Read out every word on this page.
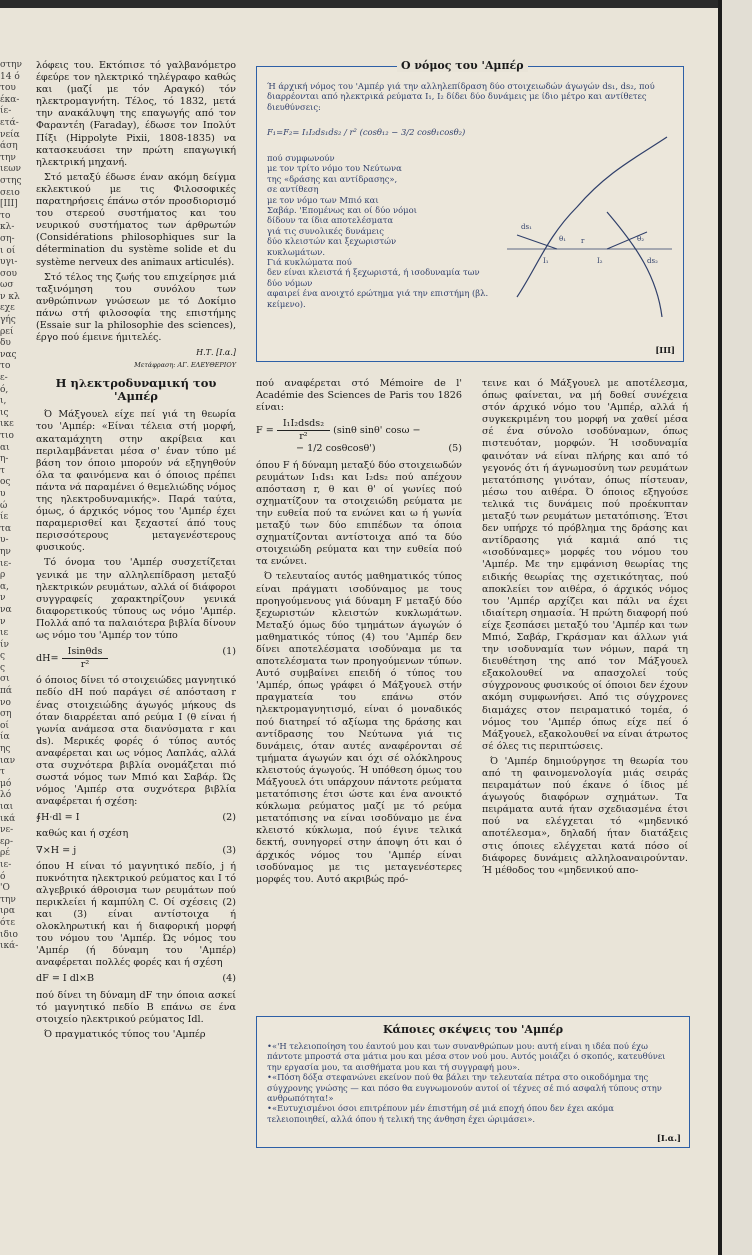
στην
14 ό
του
έκα-
ίε-
ετά-
νεία
άση
την
ιεων
στης
σειο
[III]
το
κλ-
ση-
ι οί
υγι-
σου
ωσ
ν κλ
εχε
γής
ρεί
δυ
νας
το
ε-
ό,
ι,
ις
ικε
τιο
αι
η-
τ
ος
υ
ώ
ίε
τα
υ-
ην
ιε-
ρ
α,
ν
να
ν
ιε
ίν
ς
ς
σι
πά
νο
ση
οί
ία
ης
ιαν
τ
μό
λό
ιαι
ικά
νε-
ερ-
ρέ
ιε-
ό
'Ο
την
ιρα
ότε
ιδιο
ικά-

λόφεις του. Εκτόπισε τό γαλβανόμετρο έφεύρε τον ηλεκτρικό τηλέγραφο καθώς και (μαζί με τόν Αραγκό) τόν ηλεκτρομαγνήτη. Τέλος, τό 1832, μετά την ανακάλυψη της επαγωγής από τον Φαραντέη (Faraday), έδωσε τον Ιπολύτ Πίξι (Hippolyte Pixii, 1808-1835) να κατασκευάσει την πρώτη επαγωγική ηλεκτρική μηχανή.

Στό μεταξύ έδωσε έναν ακόμη δείγμα εκλεκτικού με τις Φιλοσοφικές παρατηρήσεις έπάνω στόν προσδιορισμό του στερεού συστήματος και του νευρικού συστήματος των άρθρωτών (Considérations philosophiques sur la détermination du système solide et du système nerveux des animaux articulés).

Στό τέλος της ζωής του επιχείρησε μιά ταξινόμηση του συνόλου των ανθρώπινων γνώσεων με τό Δοκίμιο πάνω στή φιλοσοφία της επιστήμης (Essaie sur la philosophie des sciences), έργο πού έμεινε ήμιτελές.

Η.Τ. [Ι.α.]
Μετάφραση: ΑΓ. ΕΛΕΥΘΕΡΙΟΥ
Η ηλεκτροδυναμική του 'Αμπέρ

Ό Μάξγουελ είχε πεί γιά τη θεωρία του 'Αμπέρ: «Είναι τέλεια στή μορφή, ακαταμάχητη στην ακρίβεια και περιλαμβάνεται μέσα σ' έναν τύπο μέ βάση τον όποιο μπορούν νά εξηγηθούν όλα τα φαινόμενα και ό όποιος πρέπει πάντα νά παραμένει ό θεμελιώδης νόμος της ηλεκτροδυναμικής». Παρά ταύτα, όμως, ό άρχικός νόμος του 'Αμπέρ έχει παραμερισθεί και ξεχαστεί άπό τους περισσότερους μεταγενέστερους φυσικούς.

Τό όνομα του 'Αμπέρ συσχετίζεται γενικά με την αλληλεπίδραση μεταξύ ηλεκτρικών ρευμάτων, αλλά οί διάφοροι συγγραφείς χαρακτηρίζουν γενικά διαφορετικούς τύπους ως νόμο 'Αμπέρ. Πολλά από τα παλαιότερα βιβλία δίνουν ως νόμο του 'Αμπέρ τον τύπο

$dH= \frac{\text{Isinθds}}{\text{r²}}$	(1)

ό όποιος δίνει τό στοιχειώδες μαγνητικό πεδίο dH πού παράγει σέ απόσταση r ένας στοιχειώδης άγωγός μήκους ds όταν διαρρέεται από ρεύμα I (θ είναι ή γωνία ανάμεσα στα διανύσματα r και ds). Μερικές φορές ό τύπος αυτός αναφέρεται και ως νόμος Λαπλάς, αλλά στα συχνότερα βιβλία ονομάζεται πιό σωστά νόμος των Μπιό και Σαβάρ. Ώς νόμος 'Αμπέρ στα συχνότερα βιβλία αναφέρεται ή σχέση:

∮H·dl = I	(2)

καθώς και ή σχέση

∇×H = j	(3)

όπου H είναι τό μαγνητικό πεδίο, j ή πυκνότητα ηλεκτρικού ρεύματος και I τό αλγεβρικό άθροισμα των ρευμάτων πού περικλείει ή καμπύλη C. Οί σχέσεις (2) και (3) είναι αντίστοιχα ή ολοκληρωτική και ή διαφορική μορφή του νόμου του 'Αμπέρ. Ώς νόμος του 'Αμπέρ (ή δύναμη του 'Αμπέρ) αναφέρεται πολλές φορές και ή σχέση

dF = I dl×B	(4)

πού δίνει τη δύναμη dF την όποια ασκεί τό μαγνητικό πεδίο B επάνω σε ένα στοιχείο ηλεκτρικού ρεύματος Idl.

Ό πραγματικός τύπος του 'Αμπέρ

Ο νόμος του 'Αμπέρ
Ή άρχική νόμος του 'Αμπέρ γιά την αλληλεπίδραση δύο στοιχειωδών άγωγών ds₁, ds₂, πού διαρρέονται από ηλεκτρικά ρεύματα I₁, I₂ δίδει δύο δυνάμεις με ίδιο μέτρο και αντίθετες διευθύνσεις:
F₁=F₂= I₁I₂ds₁ds₂ / r² (cosθ₁₂ − 3/2 cosθ₁cosθ₂)
πού συμφωνούν
με τον τρίτο νόμο του Νεύτωνα
της «δράσης και αντίδρασης»,
σε αντίθεση
με τον νόμο των Μπιό και
Σαβάρ. 'Επομένως και οί δύο νόμοι
δίδουν τα ίδια αποτελέσματα
γιά τις συνολικές δυνάμεις
δύο κλειστών και ξεχωριστών
κυκλωμάτων.
Γιά κυκλώματα πού
δεν είναι κλειστά ή ξεχωριστά, ή ισοδυναμία των δύο νόμων
αφαιρεί ένα ανοιχτό ερώτημα γιά την επιστήμη (βλ. κείμενο).
ds₁
I₁	I₂	ds₂
r
θ₁	θ₂
[III]

πού αναφέρεται στό Mémoire de l' Académie des Sciences de Paris του 1826 είναι:

$F = \frac{\text{I₁I₂dsds₂}}{\text{r²}} (\sin\theta$ sinθ' cosω −
− 1/2 cosθcosθ')	(5)

όπου F ή δύναμη μεταξύ δύο στοιχειωδών ρευμάτων I₁ds₁ και I₂ds₂ πού απέχουν απόσταση r, θ και θ' οί γωνίες πού σχηματίζουν τα στοιχειώδη ρεύματα με την ευθεία πού τα ενώνει και ω ή γωνία μεταξύ των δύο επιπέδων τα όποια σχηματίζονται αντίστοιχα από τα δύο στοιχειώδη ρεύματα και την ευθεία πού τα ενώνει.

Ό τελευταίος αυτός μαθηματικός τύπος είναι πράγματι ισοδύναμος με τους προηγούμενους γιά δύναμη F μεταξύ δύο ξεχωριστών κλειστών κυκλωμάτων. Μεταξύ όμως δύο τμημάτων άγωγών ό μαθηματικός τύπος (4) του 'Αμπέρ δεν δίνει αποτελέσματα ισοδύναμα με τα αποτελέσματα των προηγούμενων τύπων. Αυτό συμβαίνει επειδή ό τύπος του 'Αμπέρ, όπως γράφει ό Μάξγουελ στήν πραγματεία του επάνω στόν ηλεκτρομαγνητισμό, είναι ό μοναδικός πού διατηρεί τό αξίωμα της δράσης και αντίδρασης του Νεύτωνα γιά τις δυνάμεις, όταν αυτές αναφέρονται σέ τμήματα άγωγών και όχι σέ ολόκληρους κλειστούς άγωγούς. Ή υπόθεση όμως του Μάξγουελ ότι υπάρχουν πάντοτε ρεύματα μετατόπισης έτσι ώστε και ένα ανοικτό κύκλωμα ρεύματος μαζί με τό ρεύμα μετατόπισης να είναι ισοδύναμο με ένα κλειστό κύκλωμα, πού έγινε τελικά δεκτή, συνηγορεί στην άποψη ότι και ό άρχικός νόμος του 'Αμπέρ είναι ισοδύναμος με τις μεταγενέστερες μορφές του. Αυτό ακριβώς πρό-

τεινε και ό Μάξγουελ με αποτέλεσμα, όπως φαίνεται, να μή δοθεί συνέχεια στόν άρχικό νόμο του 'Αμπέρ, αλλά ή συγκεκριμένη του μορφή να χαθεί μέσα σέ ένα σύνολο ισοδύναμων, όπως πιστευόταν, μορφών. Ή ισοδυναμία φαινόταν νά είναι πλήρης και από τό γεγονός ότι ή άγνωμοσύνη των ρευμάτων μετατόπισης γινόταν, όπως πίστευαν, μέσω του αιθέρα. Ό όποιος εξηγούσε τελικά τις δυνάμεις πού προέκυπταν μεταξύ των ρευμάτων μετατόπισης. Έτσι δεν υπήρχε τό πρόβλημα της δράσης και αντίδρασης γιά καμιά από τις «ισοδύναμες» μορφές του νόμου του 'Αμπέρ. Με την εμφάνιση θεωρίας της ειδικής θεωρίας της σχετικότητας, πού αποκλείει τον αιθέρα, ό άρχικός νόμος του 'Αμπέρ αρχίζει και πάλι να έχει ιδιαίτερη σημασία. Ή πρώτη διαφορή πού είχε ξεσπάσει μεταξύ του 'Αμπέρ και των Μπιό, Σαβάρ, Γκράσμαν και άλλων γιά την ισοδυναμία των νόμων, παρά τη διευθέτηση της από τον Μάξγουελ εξακολουθεί να απασχολεί τούς σύγχρονους φυσικούς οί όποιοι δεν έχουν ακόμη συμφωνήσει. Από τις σύγχρονες διαμάχες στον πειραματικό τομέα, ό νόμος του 'Αμπέρ όπως είχε πεί ό Μάξγουελ, εξακολουθεί να είναι άτρωτος σέ όλες τις περιπτώσεις.

Ό 'Αμπέρ δημιούργησε τη θεωρία του από τη φαινομενολογία μιάς σειράς πειραμάτων πού έκανε ό ίδιος μέ άγωγούς διαφόρων σχημάτων. Τα πειράματα αυτά ήταν σχεδιασμένα έτσι πού να ελέγχεται τό «μηδενικό αποτέλεσμα», δηλαδή ήταν διατάξεις στις όποιες ελέγχεται κατά πόσο οί διάφορες δυνάμεις αλληλοαναιρούνταν. Ή μέθοδος του «μηδενικού απο-

Κάποιες σκέψεις του 'Αμπέρ
•«'Η τελειοποίηση του έαυτού μου και των συνανθρώπων μου: αυτή είναι η ιδέα πού έχω πάντοτε μπροστά στα μάτια μου και μέσα στον νού μου. Αυτός μοιάζει ό σκοπός, κατευθύνει την εργασία μου, τα αισθήματα μου και τή συγγραφή μου».
•«Πόση δόξα στεφανώνει εκείνον πού θα βάλει την τελευταία πέτρα στο οικοδόμημα της σύγχρονης γνώσης — και πόσο θα ευγνωμονούν αυτοί οί τέχνες σέ πιό ασφαλή τύπους στην ανθρωπότητα!»
•«Ευτυχισμένοι όσοι επιτρέπουν μέν έπιστήμη σέ μιά εποχή όπου δεν έχει ακόμα τελειοποιηθεί, αλλά όπου ή τελική της άνθηση έχει ώριμάσει».
[Ι.α.]
